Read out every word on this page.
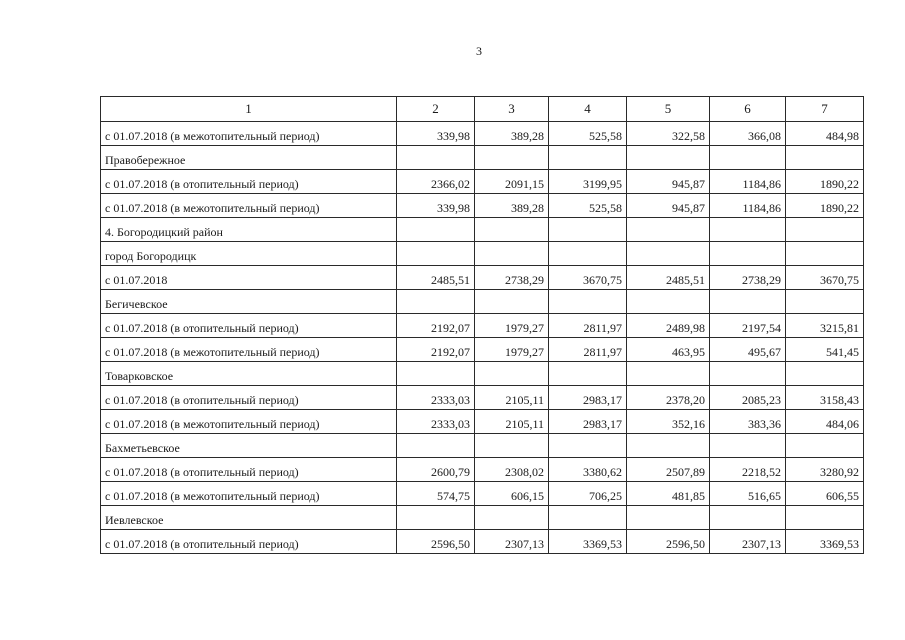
3
1	2	3	4	5	6	7
с 01.07.2018 (в межотопительный период)	339,98	389,28	525,58	322,58	366,08	484,98
Правобережное						
с 01.07.2018 (в отопительный период)	2366,02	2091,15	3199,95	945,87	1184,86	1890,22
с 01.07.2018 (в межотопительный период)	339,98	389,28	525,58	945,87	1184,86	1890,22
4. Богородицкий район						
город Богородицк						
с 01.07.2018	2485,51	2738,29	3670,75	2485,51	2738,29	3670,75
Бегичевское						
с 01.07.2018 (в отопительный период)	2192,07	1979,27	2811,97	2489,98	2197,54	3215,81
с 01.07.2018 (в межотопительный период)	2192,07	1979,27	2811,97	463,95	495,67	541,45
Товарковское						
с 01.07.2018 (в отопительный период)	2333,03	2105,11	2983,17	2378,20	2085,23	3158,43
с 01.07.2018 (в межотопительный период)	2333,03	2105,11	2983,17	352,16	383,36	484,06
Бахметьевское						
с 01.07.2018 (в отопительный период)	2600,79	2308,02	3380,62	2507,89	2218,52	3280,92
с 01.07.2018 (в межотопительный период)	574,75	606,15	706,25	481,85	516,65	606,55
Иевлевское						
с 01.07.2018 (в отопительный период)	2596,50	2307,13	3369,53	2596,50	2307,13	3369,53
